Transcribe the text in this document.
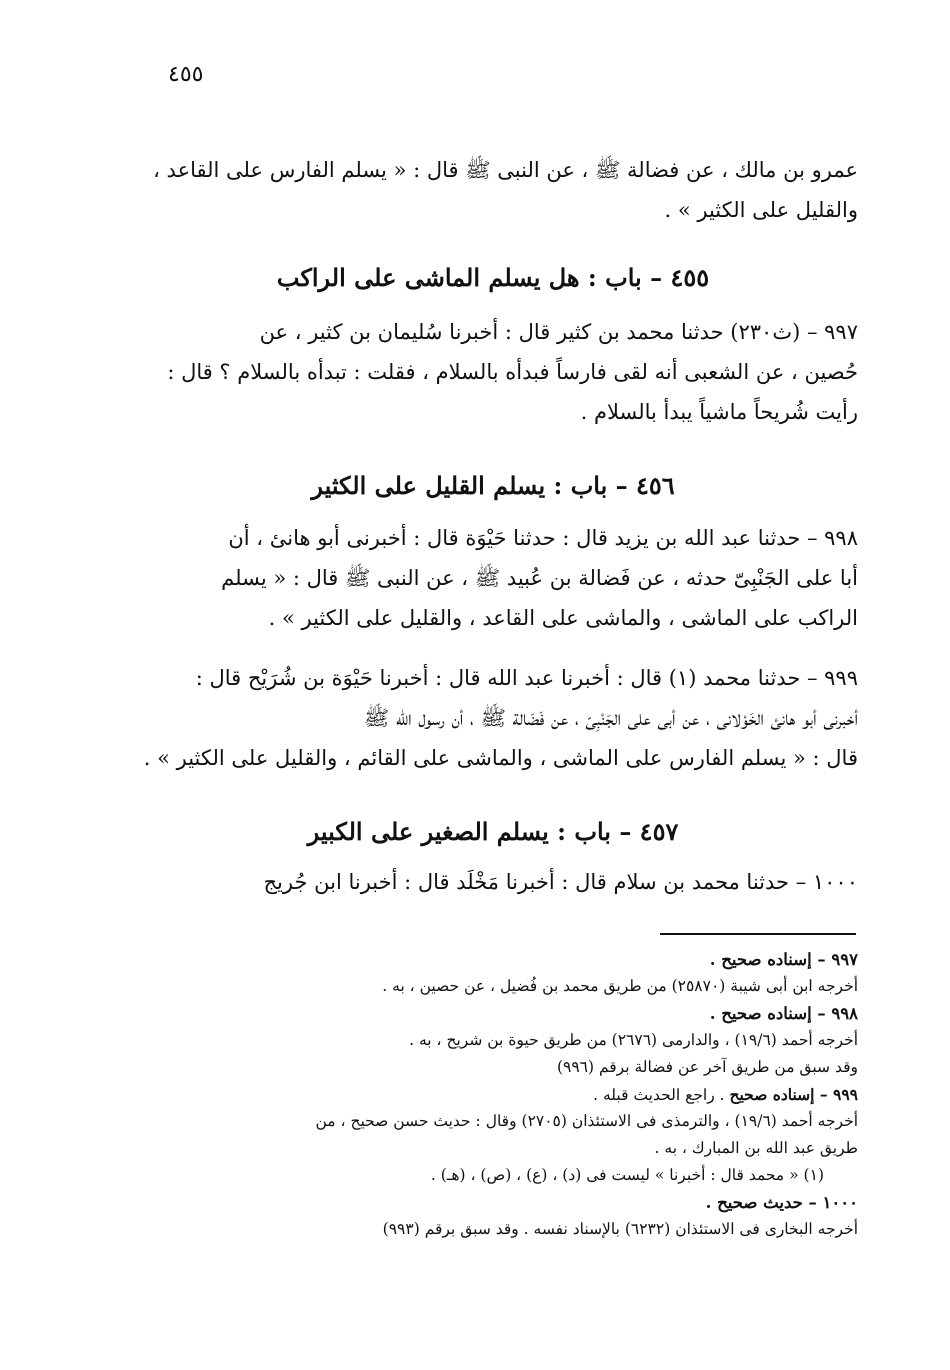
٤٥٥
عمرو بن مالك ، عن فضالة ﷺ ، عن النبى ﷺ قال : « يسلم الفارس على القاعد ،
والقليل على الكثير » .
٤٥٥ – باب : هل يسلم الماشى على الراكب
٩٩٧ – (ث٢٣٠) حدثنا محمد بن كثير قال : أخبرنا سُليمان بن كثير ، عن
حُصين ، عن الشعبى أنه لقى فارساً فبدأه بالسلام ، فقلت : تبدأه بالسلام ؟ قال :
رأيت شُريحاً ماشياً يبدأ بالسلام .
٤٥٦ – باب : يسلم القليل على الكثير
٩٩٨ – حدثنا عبد الله بن يزيد قال : حدثنا حَيْوَة قال : أخبرنى أبو هانئ ، أن
أبا على الجَنْبِىّ حدثه ، عن فَضالة بن عُبيد ﷺ ، عن النبى ﷺ قال : « يسلم
الراكب على الماشى ، والماشى على القاعد ، والقليل على الكثير » .
٩٩٩ – حدثنا محمد (١) قال : أخبرنا عبد الله قال : أخبرنا حَيْوَة بن شُرَيْح قال :
أخبرنى أبو هانئ الخَوْلانى ، عن أبى على الجَنْبِىّ ، عن فَضَالة ﷺ ، أن رسول الله ﷺ
قال : « يسلم الفارس على الماشى ، والماشى على القائم ، والقليل على الكثير » .
٤٥٧ – باب : يسلم الصغير على الكبير
١٠٠٠ – حدثنا محمد بن سلام قال : أخبرنا مَخْلَد قال : أخبرنا ابن جُريج
٩٩٧ – إسناده صحيح .
أخرجه ابن أبى شيبة (٢٥٨٧٠) من طريق محمد بن فُضيل ، عن حصين ، به .
٩٩٨ – إسناده صحيح .
أخرجه أحمد (١٩/٦) ، والدارمى (٢٦٧٦) من طريق حيوة بن شريح ، به .
وقد سبق من طريق آخر عن فضالة برقم (٩٩٦)
٩٩٩ – إسناده صحيح . راجع الحديث قبله .
أخرجه أحمد (١٩/٦) ، والترمذى فى الاستئذان (٢٧٠٥) وقال : حديث حسن صحيح ، من
طريق عبد الله بن المبارك ، به .
(١) « محمد قال : أخبرنا » ليست فى (د) ، (ع) ، (ص) ، (هـ) .
١٠٠٠ – حديث صحيح .
أخرجه البخارى فى الاستئذان (٦٢٣٢) بالإسناد نفسه . وقد سبق برقم (٩٩٣)
